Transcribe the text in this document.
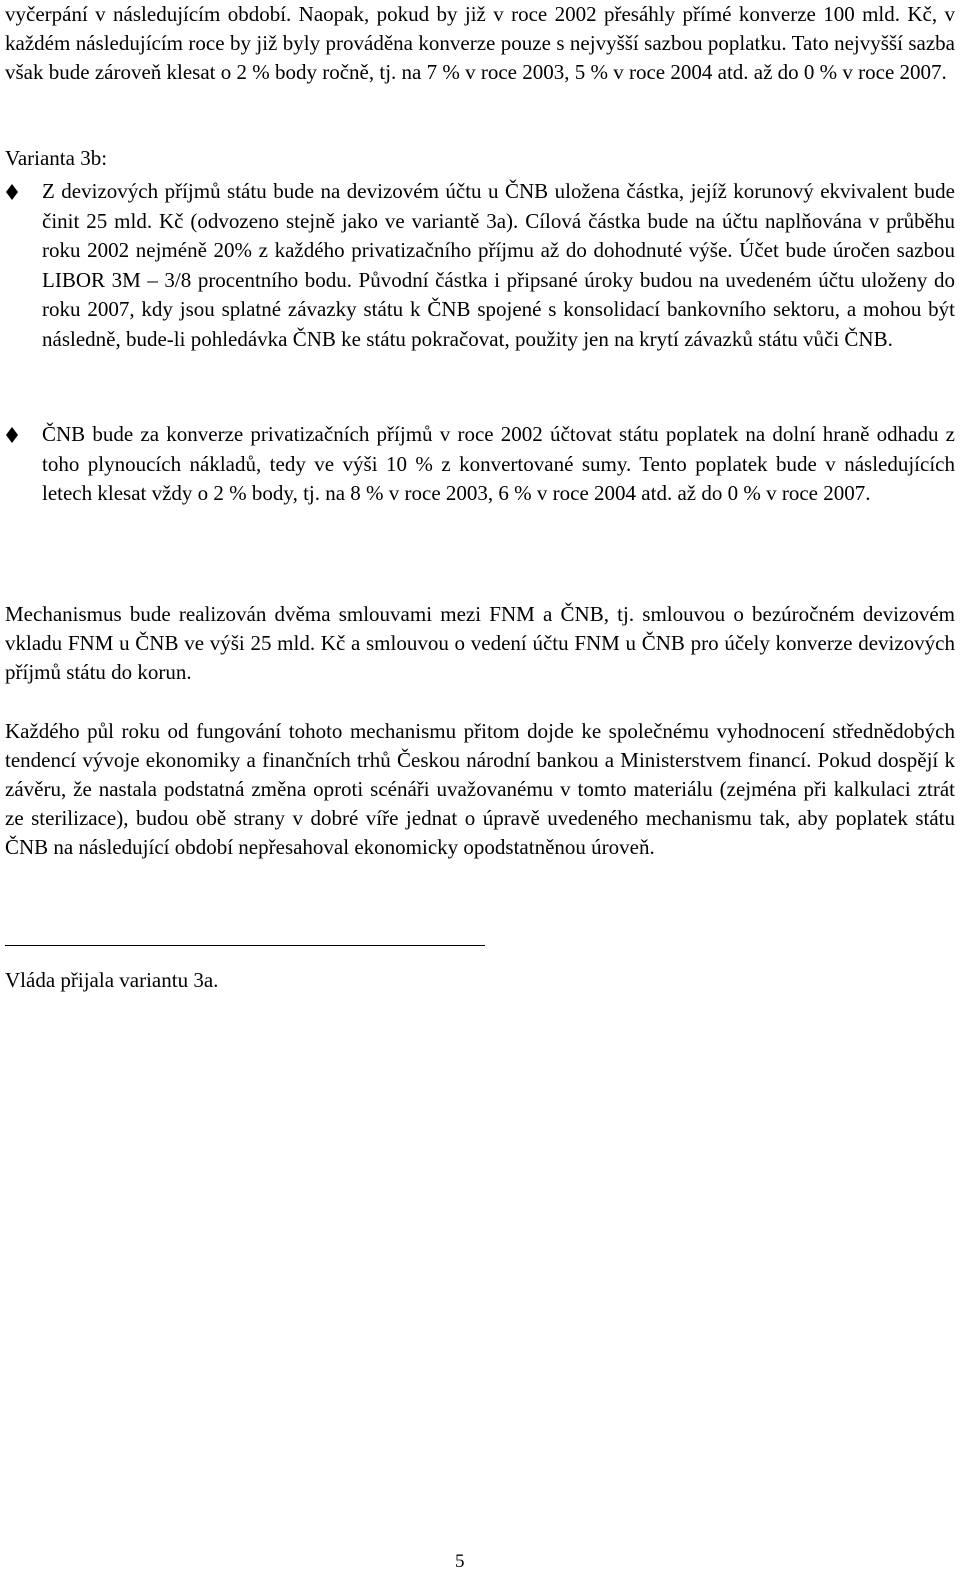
vyčerpání v následujícím období. Naopak, pokud by již v roce 2002 přesáhly přímé konverze 100 mld. Kč, v každém následujícím roce by již byly prováděna konverze pouze s nejvyšší sazbou poplatku. Tato nejvyšší sazba však bude zároveň klesat o 2 % body ročně, tj. na 7 % v roce 2003, 5 % v roce 2004 atd. až do 0 % v roce 2007.

Varianta 3b:

Z devizových příjmů státu bude na devizovém účtu u ČNB uložena částka, jejíž korunový ekvivalent bude činit 25 mld. Kč (odvozeno stejně jako ve variantě 3a). Cílová částka bude na účtu naplňována v průběhu roku 2002 nejméně 20% z každého privatizačního příjmu až do dohodnuté výše. Účet bude úročen sazbou LIBOR 3M – 3/8 procentního bodu. Původní částka i připsané úroky budou na uvedeném účtu uloženy do roku 2007, kdy jsou splatné závazky státu k ČNB spojené s konsolidací bankovního sektoru, a mohou být následně, bude-li pohledávka ČNB ke státu pokračovat, použity jen na krytí závazků státu vůči ČNB.

ČNB bude za konverze privatizačních příjmů v roce 2002 účtovat státu poplatek na dolní hraně odhadu z toho plynoucích nákladů, tedy ve výši 10 % z konvertované sumy. Tento poplatek bude v následujících letech klesat vždy o 2 % body, tj. na 8 % v roce 2003, 6 % v roce 2004 atd. až do 0 % v roce 2007.

Mechanismus bude realizován dvěma smlouvami mezi FNM a ČNB, tj. smlouvou o bezúročném devizovém vkladu FNM u ČNB ve výši 25 mld. Kč a smlouvou o vedení účtu FNM u ČNB pro účely konverze devizových příjmů státu do korun.

Každého půl roku od fungování tohoto mechanismu přitom dojde ke společnému vyhodnocení střednědobých tendencí vývoje ekonomiky a finančních trhů Českou národní bankou a Ministerstvem financí. Pokud dospějí k závěru, že nastala podstatná změna oproti scénáři uvažovanému v tomto materiálu (zejména při kalkulaci ztrát ze sterilizace), budou obě strany v dobré víře jednat o úpravě uvedeného mechanismu tak, aby poplatek státu ČNB na následující období nepřesahoval ekonomicky opodstatněnou úroveň.

Vláda přijala variantu 3a.

5
